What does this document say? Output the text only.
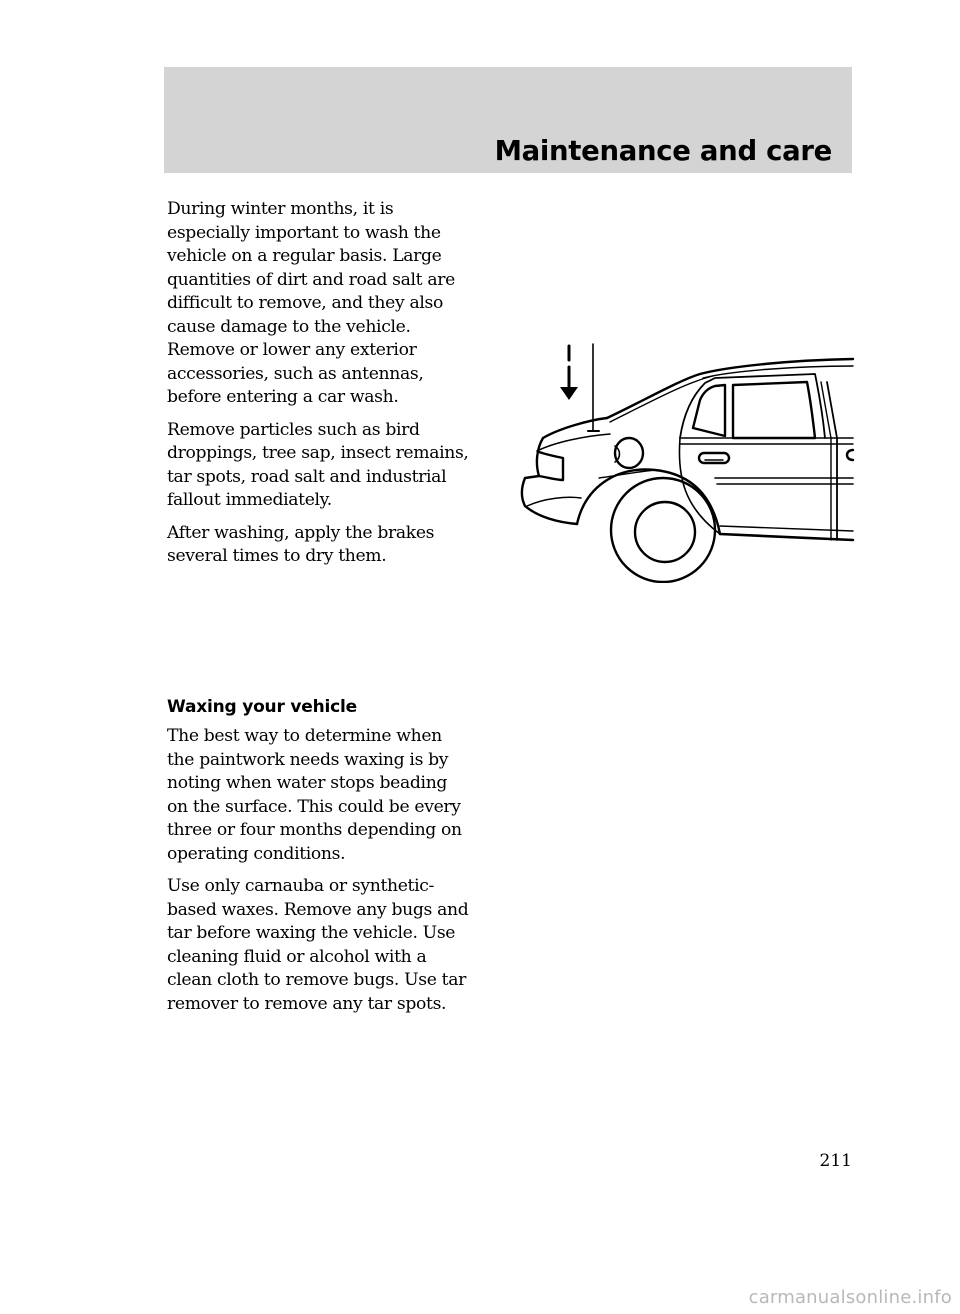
Maintenance and care

During winter months, it is
especially important to wash the
vehicle on a regular basis. Large
quantities of dirt and road salt are
difficult to remove, and they also
cause damage to the vehicle.
Remove or lower any exterior
accessories, such as antennas,
before entering a car wash.

Remove particles such as bird
droppings, tree sap, insect remains,
tar spots, road salt and industrial
fallout immediately.

After washing, apply the brakes
several times to dry them.

Waxing your vehicle

The best way to determine when
the paintwork needs waxing is by
noting when water stops beading
on the surface. This could be every
three or four months depending on
operating conditions.

Use only carnauba or synthetic-
based waxes. Remove any bugs and
tar before waxing the vehicle. Use
cleaning fluid or alcohol with a
clean cloth to remove bugs. Use tar
remover to remove any tar spots.

211

carmanualsonline.info
